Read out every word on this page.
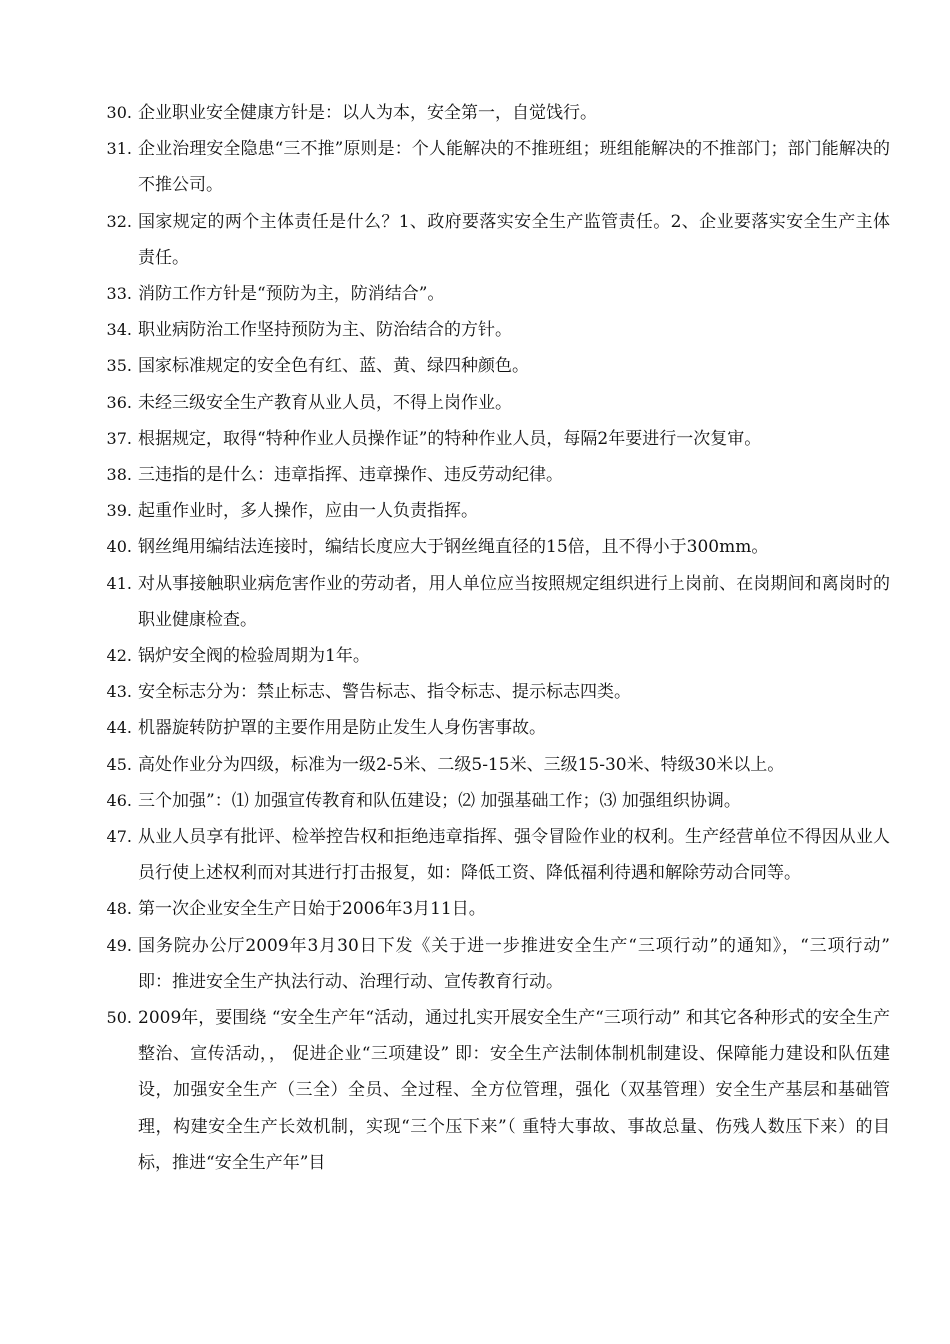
30. 企业职业安全健康方针是：以人为本，安全第一，自觉饯行。
31. 企业治理安全隐患“三不推”原则是：个人能解决的不推班组；班组能解决的不推部门；部门能解决的不推公司。
32. 国家规定的两个主体责任是什么？1、政府要落实安全生产监管责任。2、企业要落实安全生产主体责任。
33. 消防工作方针是“预防为主，防消结合”。
34. 职业病防治工作坚持预防为主、防治结合的方针。
35. 国家标准规定的安全色有红、蓝、黄、绿四种颜色。
36. 未经三级安全生产教育从业人员，不得上岗作业。
37. 根据规定，取得“特种作业人员操作证”的特种作业人员，每隔2年要进行一次复审。
38. 三违指的是什么：违章指挥、违章操作、违反劳动纪律。
39. 起重作业时，多人操作，应由一人负责指挥。
40. 钢丝绳用编结法连接时，编结长度应大于钢丝绳直径的15倍，且不得小于300mm。
41. 对从事接触职业病危害作业的劳动者，用人单位应当按照规定组织进行上岗前、在岗期间和离岗时的职业健康检查。
42. 锅炉安全阀的检验周期为1年。
43. 安全标志分为：禁止标志、警告标志、指令标志、提示标志四类。
44. 机器旋转防护罩的主要作用是防止发生人身伤害事故。
45. 高处作业分为四级，标准为一级2-5米、二级5-15米、三级15-30米、特级30米以上。
46. 三个加强”：⑴ 加强宣传教育和队伍建设；⑵ 加强基础工作；⑶ 加强组织协调。
47. 从业人员享有批评、检举控告权和拒绝违章指挥、强令冒险作业的权利。生产经营单位不得因从业人员行使上述权利而对其进行打击报复，如：降低工资、降低福利待遇和解除劳动合同等。
48. 第一次企业安全生产日始于2006年3月11日。
49. 国务院办公厅2009年3月30日下发《关于进一步推进安全生产“三项行动”的通知》，“三项行动” 即：推进安全生产执法行动、治理行动、宣传教育行动。
50. 2009年，要围绕 “安全生产年“活动，通过扎实开展安全生产“三项行动” 和其它各种形式的安全生产整治、宣传活动，， 促进企业“三项建设” 即：安全生产法制体制机制建设、保障能力建设和队伍建设，加强安全生产（三全）全员、全过程、全方位管理，强化（双基管理）安全生产基层和基础管理，构建安全生产长效机制，实现“三个压下来”（ 重特大事故、事故总量、伤残人数压下来）的目标，推进“安全生产年”目
